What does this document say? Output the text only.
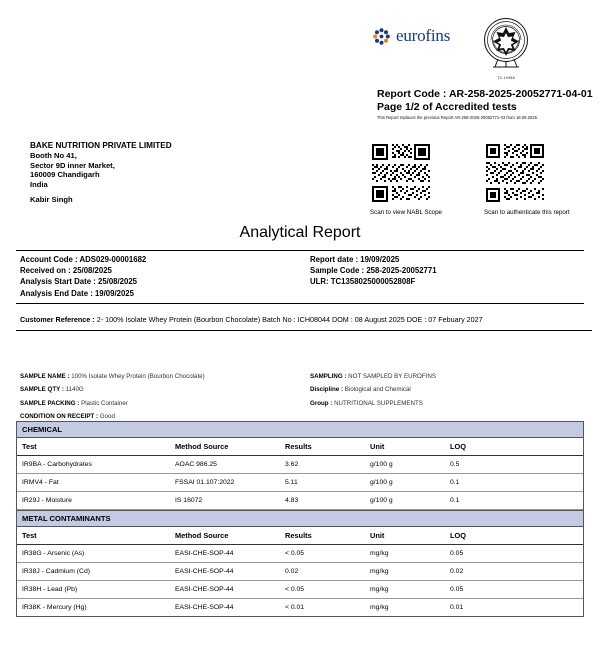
eurofins
TC-10988
Report Code : AR-258-2025-20052771-04-01
Page 1/2 of Accredited tests
This Report replaces the previous Report AR-258-2025-20052771-03 from 18.09.2025.
BAKE NUTRITION PRIVATE LIMITED
Booth No 41,
Sector 9D inner Market,
160009 Chandigarh
India
Kabir Singh
Scan to view NABL Scope	Scan to authenticate this report
Analytical Report
Account Code : ADS029-00001682
Received on : 25/08/2025
Analysis Start Date : 25/08/2025
Analysis End Date : 19/09/2025
Report date : 19/09/2025
Sample Code : 258-2025-20052771
ULR: TC1358025000052808F
Customer Reference : 2- 100% Isolate Whey Protein (Bourbon Chocolate) Batch No : ICH08044 DOM : 08 August 2025 DOE : 07 Febuary 2027
SAMPLE NAME : 100% Isolate Whey Protein (Bourbon Chocolate)
SAMPLE QTY : 1140G
SAMPLE PACKING : Plastic Container
CONDITION ON RECEIPT : Good
SAMPLING : NOT SAMPLED BY EUROFINS
Discipline : Biological and Chemical
Group : NUTRITIONAL SUPPLEMENTS
CHEMICAL
Test	Method Source	Results	Unit	LOQ
IR9BA - Carbohydrates	AOAC 986.25	3.62	g/100 g	0.5
IRMV4 - Fat	FSSAI 01.107:2022	5.11	g/100 g	0.1
IR29J - Moisture	IS 16072	4.83	g/100 g	0.1
METAL CONTAMINANTS
Test	Method Source	Results	Unit	LOQ
IR38G - Arsenic (As)	EASI-CHE-SOP-44	< 0.05	mg/kg	0.05
IR38J - Cadmium (Cd)	EASI-CHE-SOP-44	0.02	mg/kg	0.02
IR38H - Lead (Pb)	EASI-CHE-SOP-44	< 0.05	mg/kg	0.05
IR38K - Mercury (Hg)	EASI-CHE-SOP-44	< 0.01	mg/kg	0.01
